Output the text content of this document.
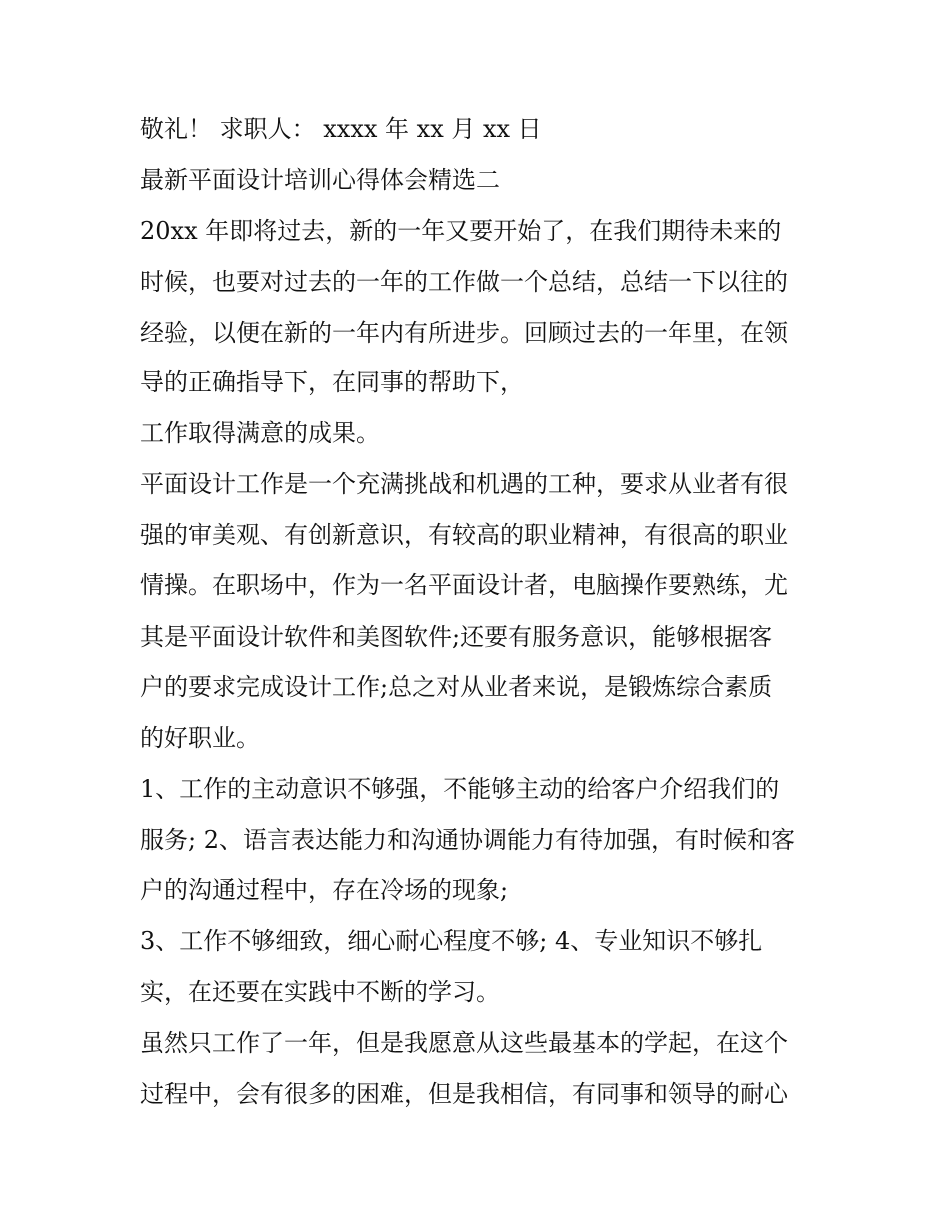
敬礼！ 求职人： xxxx 年 xx 月 xx 日
最新平面设计培训心得体会精选二
20xx 年即将过去，新的一年又要开始了，在我们期待未来的
时候，也要对过去的一年的工作做一个总结，总结一下以往的
经验，以便在新的一年内有所进步。回顾过去的一年里，在领
导的正确指导下，在同事的帮助下，
工作取得满意的成果。
平面设计工作是一个充满挑战和机遇的工种，要求从业者有很
强的审美观、有创新意识，有较高的职业精神，有很高的职业
情操。在职场中，作为一名平面设计者，电脑操作要熟练，尤
其是平面设计软件和美图软件;还要有服务意识，能够根据客
户的要求完成设计工作;总之对从业者来说，是锻炼综合素质
的好职业。
1、工作的主动意识不够强，不能够主动的给客户介绍我们的
服务; 2、语言表达能力和沟通协调能力有待加强，有时候和客
户的沟通过程中，存在冷场的现象;
3、工作不够细致，细心耐心程度不够; 4、专业知识不够扎
实，在还要在实践中不断的学习。
虽然只工作了一年，但是我愿意从这些最基本的学起，在这个
过程中，会有很多的困难，但是我相信，有同事和领导的耐心
